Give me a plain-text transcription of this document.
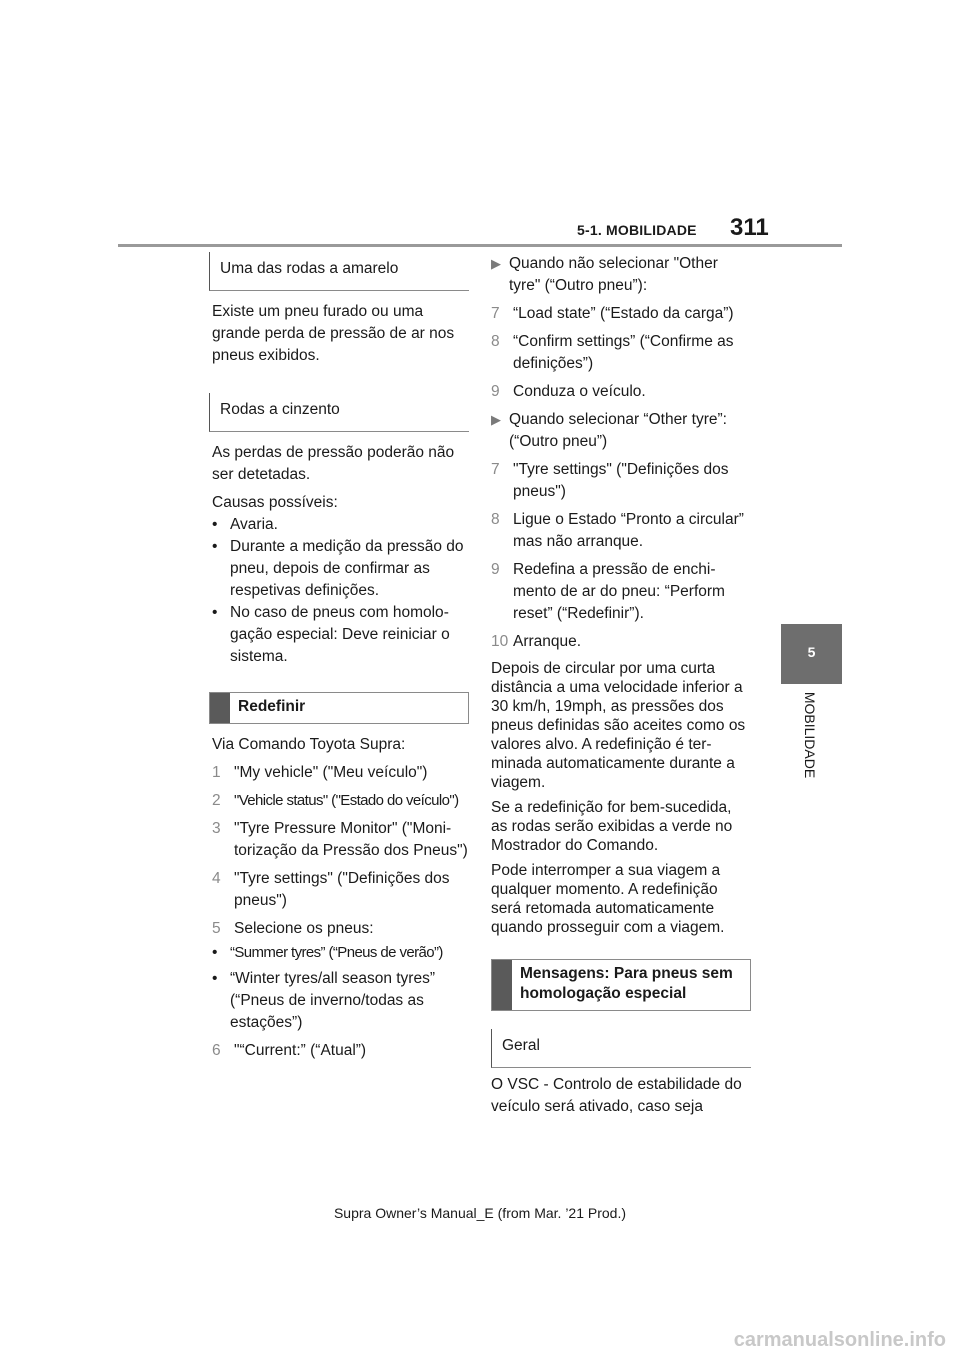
5-1. MOBILIDADE 311
5
MOBILIDADE
Uma das rodas a amarelo
Existe um pneu furado ou uma grande perda de pressão de ar nos pneus exibidos.
Rodas a cinzento
As perdas de pressão poderão não ser detetadas.
Causas possíveis:
• Avaria.
• Durante a medição da pressão do pneu, depois de confirmar as respetivas definições.
• No caso de pneus com homologação especial: Deve reiniciar o sistema.
Redefinir
Via Comando Toyota Supra:
1 "My vehicle" ("Meu veículo")
2 "Vehicle status" ("Estado do veículo")
3 "Tyre Pressure Monitor" ("Monitorização da Pressão dos Pneus")
4 "Tyre settings" ("Definições dos pneus")
5 Selecione os pneus:
• “Summer tyres” (“Pneus de verão”)
• “Winter tyres/all season tyres” (“Pneus de inverno/todas as estações”)
6 "“Current:” (“Atual”)
▶ Quando não selecionar "Other tyre" (“Outro pneu”):
7 “Load state” (“Estado da carga”)
8 “Confirm settings” (“Confirme as definições”)
9 Conduza o veículo.
▶ Quando selecionar “Other tyre”: (“Outro pneu”)
7 "Tyre settings" ("Definições dos pneus")
8 Ligue o Estado “Pronto a circular” mas não arranque.
9 Redefina a pressão de enchimento de ar do pneu: “Perform reset” (“Redefinir”).
10 Arranque.
Depois de circular por uma curta distância a uma velocidade inferior a 30 km/h, 19mph, as pressões dos pneus definidas são aceites como os valores alvo. A redefinição é terminada automaticamente durante a viagem.
Se a redefinição for bem-sucedida, as rodas serão exibidas a verde no Mostrador do Comando.
Pode interromper a sua viagem a qualquer momento. A redefinição será retomada automaticamente quando prosseguir com a viagem.
Mensagens: Para pneus sem homologação especial
Geral
O VSC - Controlo de estabilidade do veículo será ativado, caso seja
Supra Owner’s Manual_E (from Mar. ’21 Prod.)
carmanualsonline.info
